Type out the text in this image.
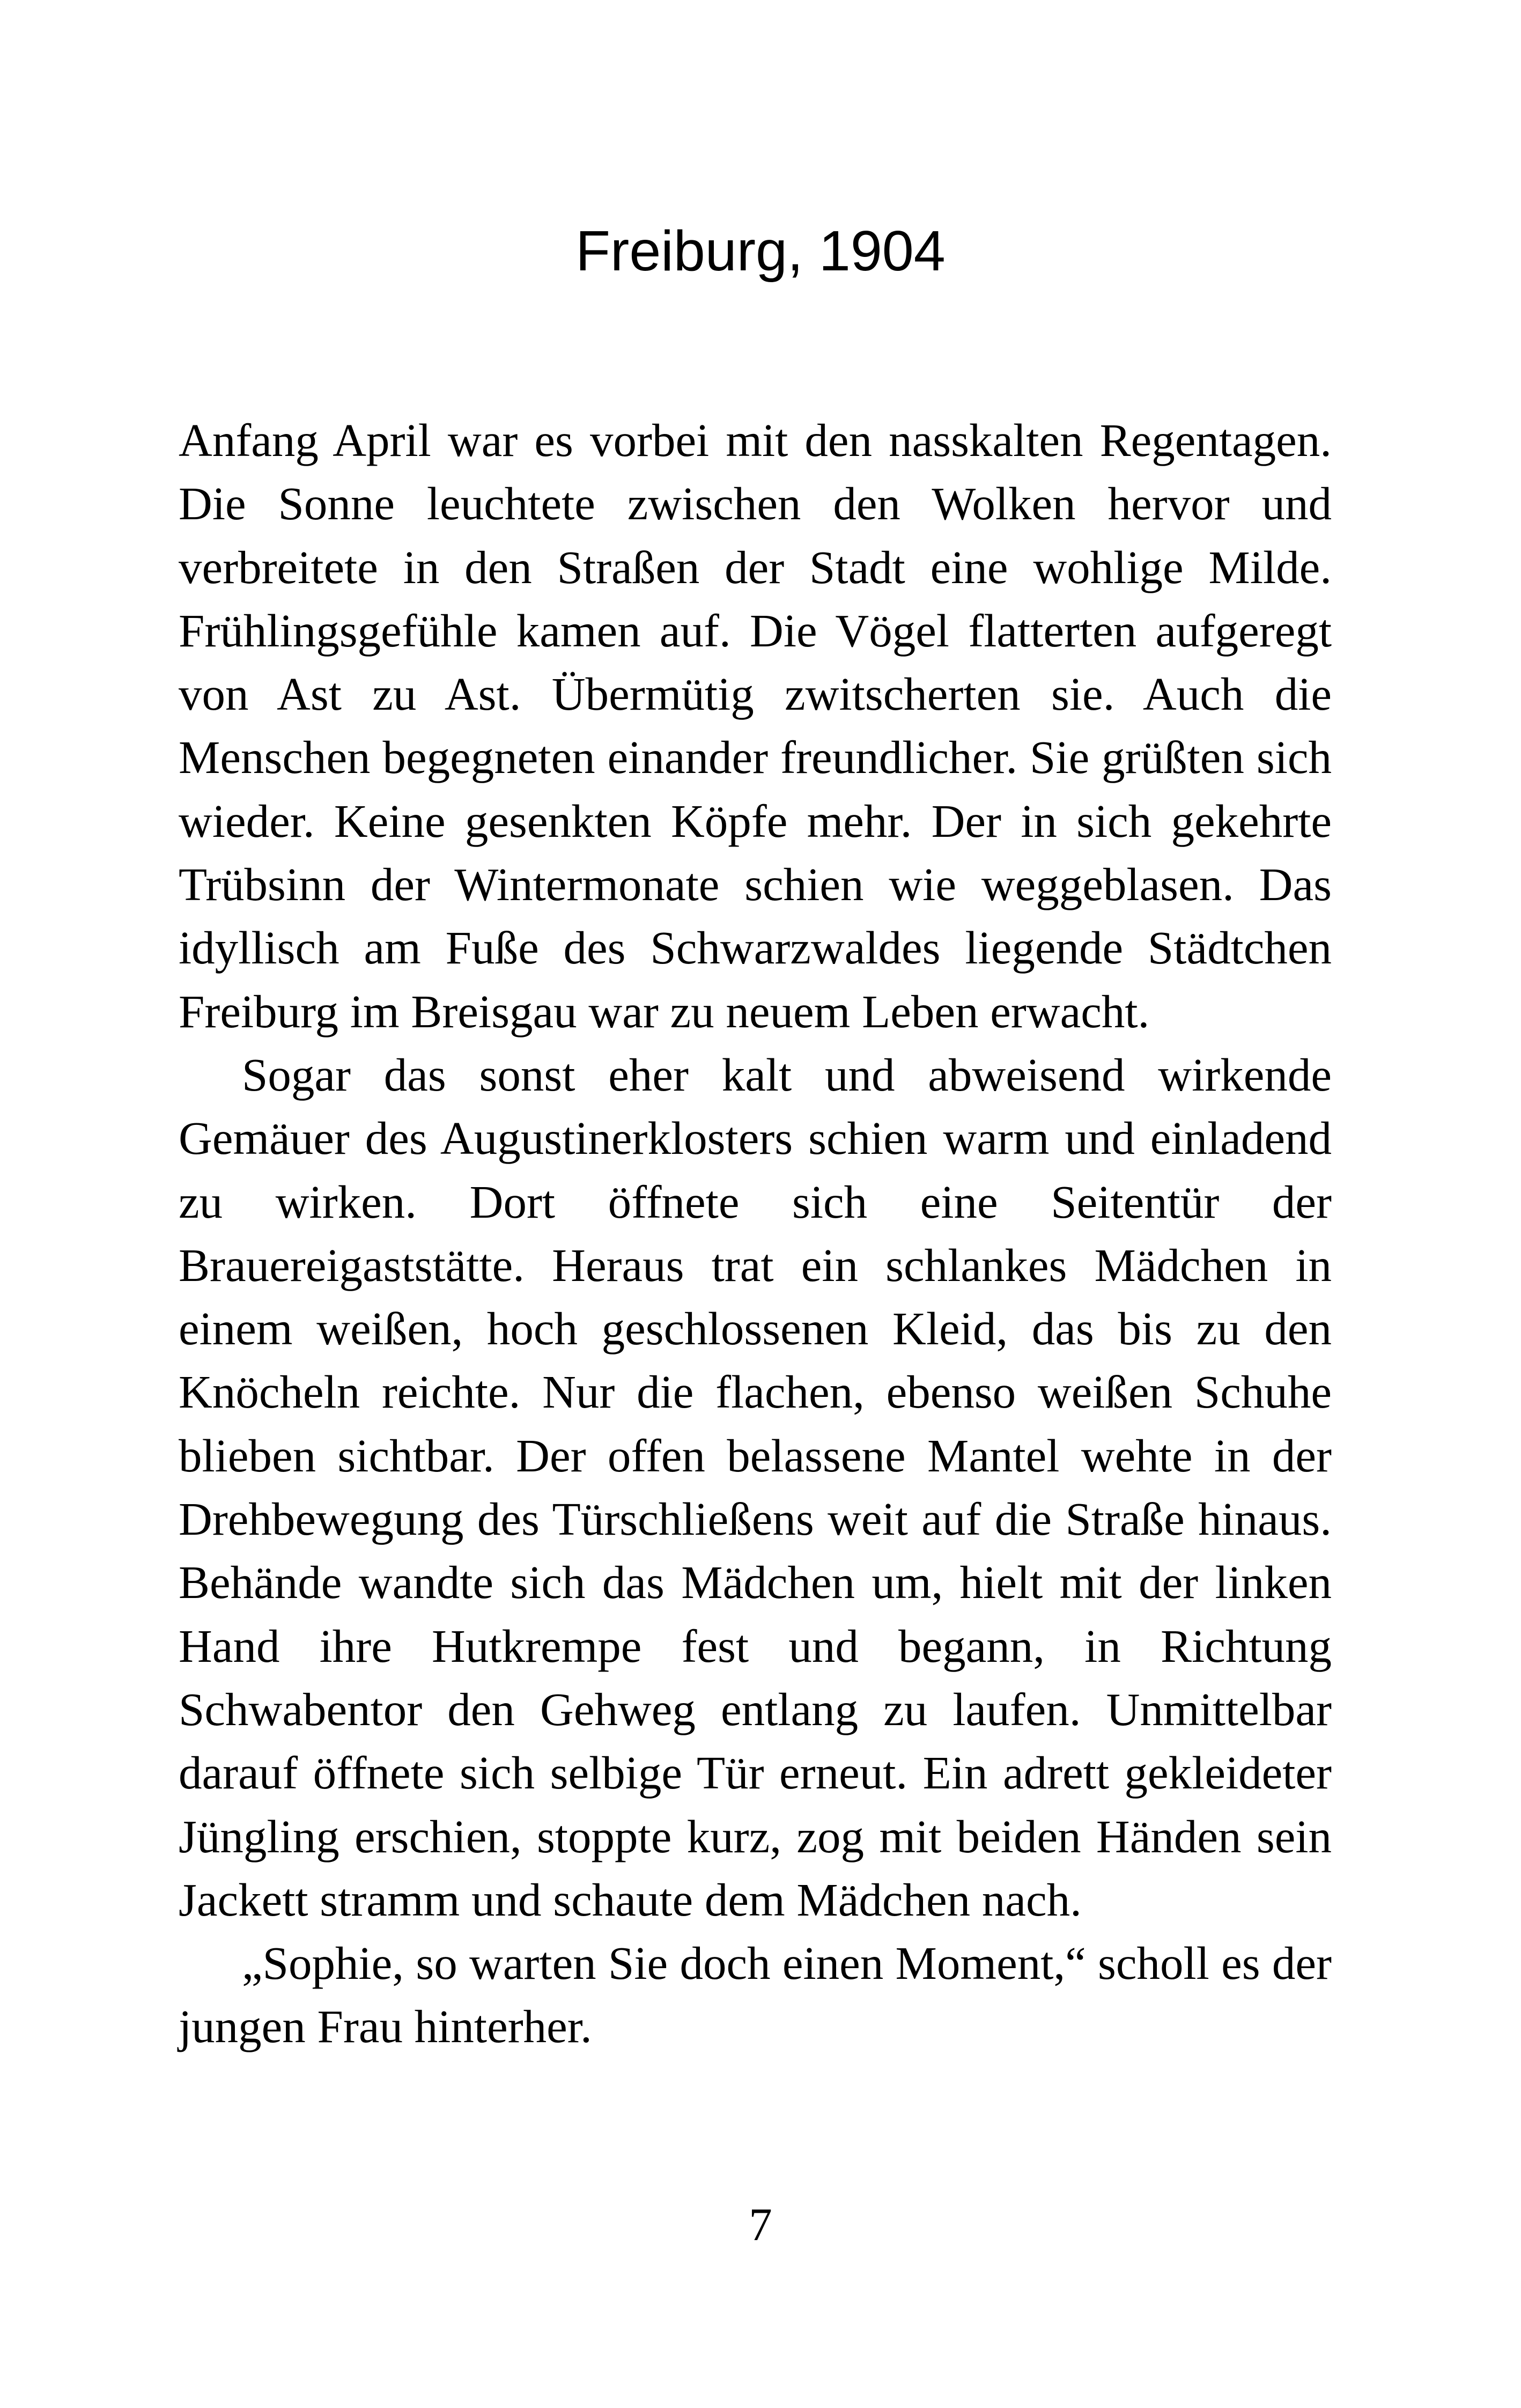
Freiburg, 1904

Anfang April war es vorbei mit den nasskalten Regentagen. Die Sonne leuchtete zwischen den Wolken hervor und verbreitete in den Straßen der Stadt eine wohlige Milde. Frühlingsgefühle kamen auf. Die Vögel flatterten aufgeregt von Ast zu Ast. Übermütig zwitscherten sie. Auch die Menschen begegneten einander freundlicher. Sie grüßten sich wieder. Keine gesenkten Köpfe mehr. Der in sich gekehrte Trübsinn der Wintermonate schien wie weggeblasen. Das idyllisch am Fuße des Schwarzwaldes liegende Städtchen Freiburg im Breisgau war zu neuem Leben erwacht.

Sogar das sonst eher kalt und abweisend wirkende Gemäuer des Augustinerklosters schien warm und einladend zu wirken. Dort öffnete sich eine Seitentür der Brauereigaststätte. Heraus trat ein schlankes Mädchen in einem weißen, hoch geschlossenen Kleid, das bis zu den Knöcheln reichte. Nur die flachen, ebenso weißen Schuhe blieben sichtbar. Der offen belassene Mantel wehte in der Drehbewegung des Türschließens weit auf die Straße hinaus. Behände wandte sich das Mädchen um, hielt mit der linken Hand ihre Hutkrempe fest und begann, in Richtung Schwabentor den Gehweg entlang zu laufen. Unmittelbar darauf öffnete sich selbige Tür erneut. Ein adrett gekleideter Jüngling erschien, stoppte kurz, zog mit beiden Händen sein Jackett stramm und schaute dem Mädchen nach.

„Sophie, so warten Sie doch einen Moment,“ scholl es der jungen Frau hinterher.

7
